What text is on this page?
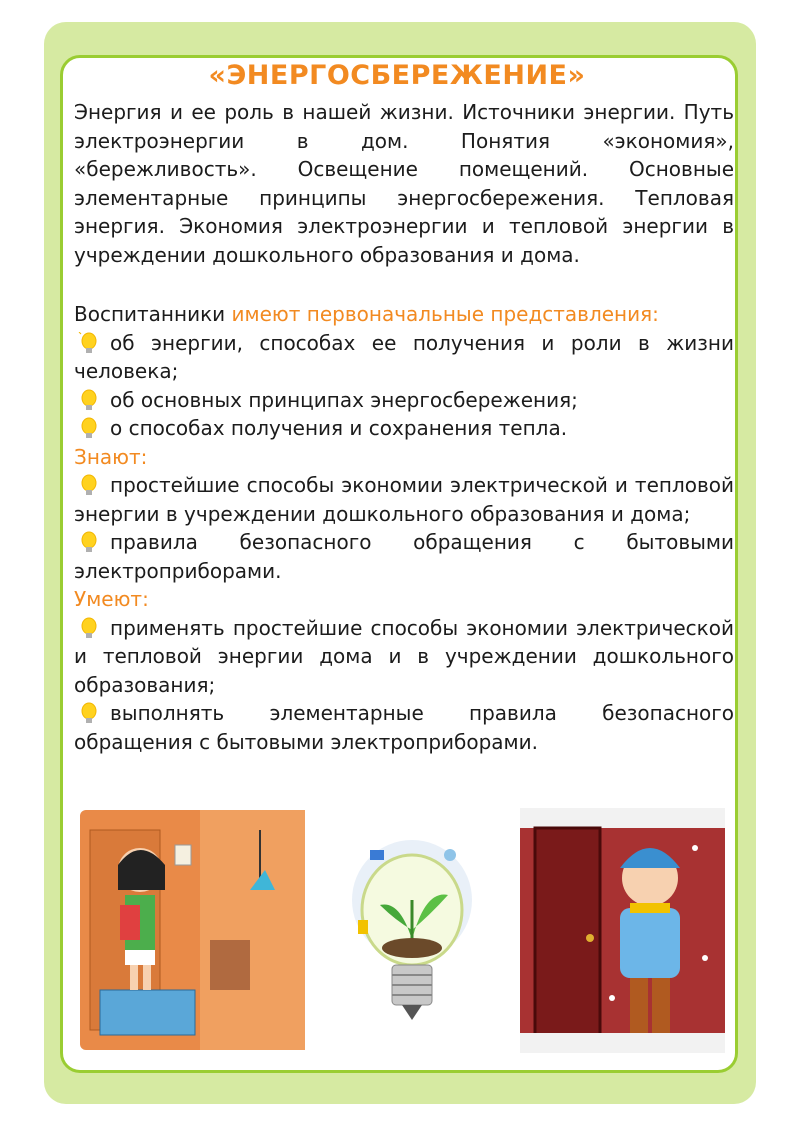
«ЭНЕРГОСБЕРЕЖЕНИЕ»

Энергия и ее роль в нашей жизни. Источники энергии. Путь электроэнергии в дом. Понятия «экономия», «бережливость». Освещение помещений. Основные элементарные принципы энергосбережения. Тепловая энергия. Экономия электроэнергии и тепловой энергии в учреждении дошкольного образования и дома.

Воспитанники имеют первоначальные представления:
об энергии, способах ее получения и роли в жизни человека;
об основных принципах энергосбережения;
о способах получения и сохранения тепла.
Знают:
простейшие способы экономии электрической и тепловой энергии в учреждении дошкольного образования и дома;
правила безопасного обращения с бытовыми электроприборами.
Умеют:
применять простейшие способы экономии электрической и тепловой энергии дома и в учреждении дошкольного образования;
выполнять элементарные правила безопасного обращения с бытовыми электроприборами.
